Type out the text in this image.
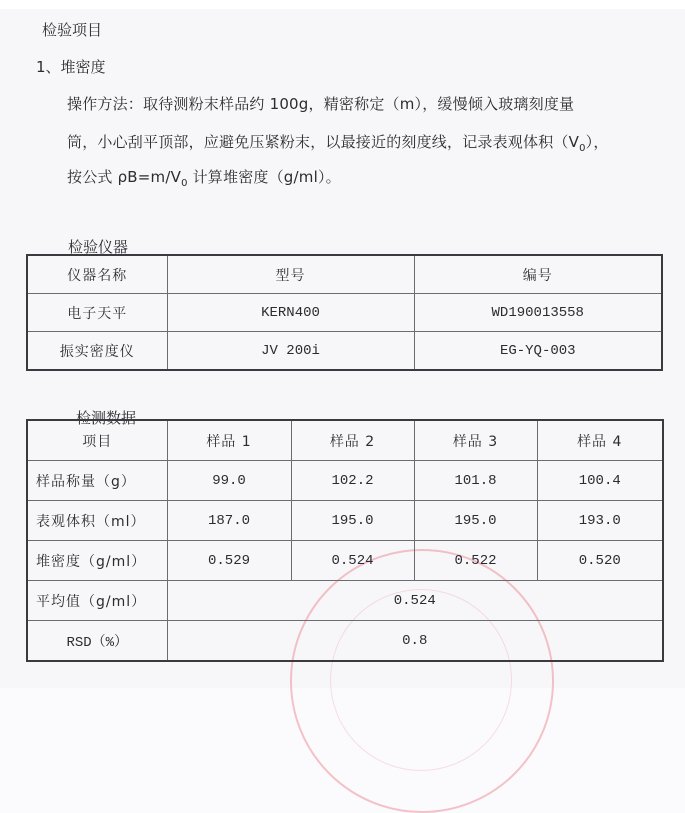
检验项目
1、堆密度
操作方法：取待测粉末样品约 100g，精密称定（m），缓慢倾入玻璃刻度量
筒，小心刮平顶部，应避免压紧粉末，以最接近的刻度线，记录表观体积$(V_0)$，
按公式 $\rho B=m/V_0$ 计算堆密度（g/ml）。
检验仪器
仪器名称	型号	编号
电子天平	KERN400	WD190013558
振实密度仪	JV 200i	EG-YQ-003
检测数据
项目	样品 1	样品 2	样品 3	样品 4
样品称量（g）	99.0	102.2	101.8	100.4
表观体积（ml）	187.0	195.0	195.0	193.0
堆密度（g/ml）	0.529	0.524	0.522	0.520
平均值（g/ml）	0.524			
RSD（%）	0.8			
